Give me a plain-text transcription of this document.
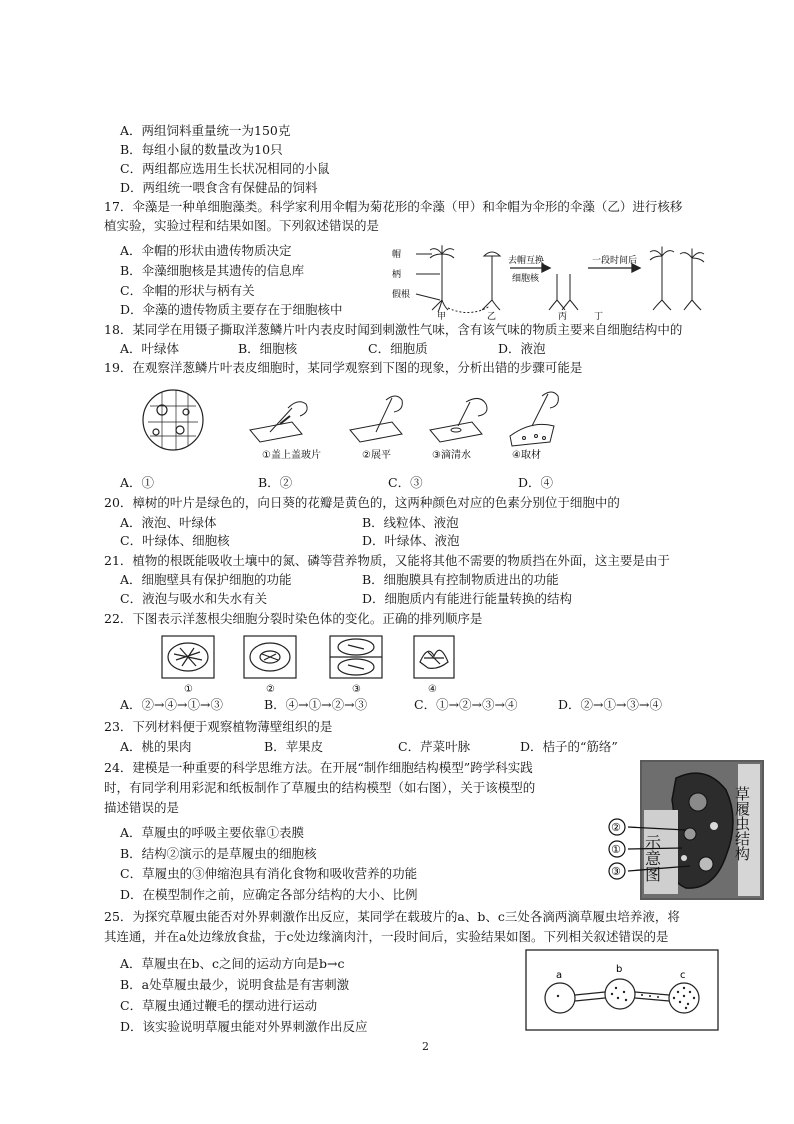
A．两组饲料重量统一为150克
B．每组小鼠的数量改为10只
C．两组都应选用生长状况相同的小鼠
D．两组统一喂食含有保健品的饲料
17．伞藻是一种单细胞藻类。科学家利用伞帽为菊花形的伞藻（甲）和伞帽为伞形的伞藻（乙）进行核移
植实验，实验过程和结果如图。下列叙述错误的是
A．伞帽的形状由遗传物质决定
B．伞藻细胞核是其遗传的信息库
C．伞帽的形状与柄有关
D．伞藻的遗传物质主要存在于细胞核中
帽
柄
假根
去帽互换
细胞核
一段时间后
甲	乙	丙	丁
18．某同学在用镊子撕取洋葱鳞片叶内表皮时闻到刺激性气味，含有该气味的物质主要来自细胞结构中的
A．叶绿体	B．细胞核	C．细胞质	D．液泡
19．在观察洋葱鳞片叶表皮细胞时，某同学观察到下图的现象，分析出错的步骤可能是
①盖上盖玻片	②展平	③滴清水	④取材
A．①	B．②	C．③	D．④
20．樟树的叶片是绿色的，向日葵的花瓣是黄色的，这两种颜色对应的色素分别位于细胞中的
A．液泡、叶绿体	B．线粒体、液泡
C．叶绿体、细胞核	D．叶绿体、液泡
21．植物的根既能吸收土壤中的氮、磷等营养物质，又能将其他不需要的物质挡在外面，这主要是由于
A．细胞壁具有保护细胞的功能	B．细胞膜具有控制物质进出的功能
C．液泡与吸水和失水有关	D．细胞质内有能进行能量转换的结构
22．下图表示洋葱根尖细胞分裂时染色体的变化。正确的排列顺序是
①	②	③	④
A．②→④→①→③	B．④→①→②→③	C．①→②→③→④	D．②→①→③→④
23．下列材料便于观察植物薄壁组织的是
A．桃的果肉	B．苹果皮	C．芹菜叶脉	D．桔子的“筋络”
24．建模是一种重要的科学思维方法。在开展“制作细胞结构模型”跨学科实践
时，有同学利用彩泥和纸板制作了草履虫的结构模型（如右图），关于该模型的
描述错误的是
A．草履虫的呼吸主要依靠①表膜
B．结构②演示的是草履虫的细胞核
C．草履虫的③伸缩泡具有消化食物和吸收营养的功能
D．在模型制作之前，应确定各部分结构的大小、比例
②
①
③
草履虫结构
示意图
25．为探究草履虫能否对外界刺激作出反应，某同学在载玻片的a、b、c三处各滴两滴草履虫培养液，将
其连通，并在a处边缘放食盐，于c处边缘滴肉汁，一段时间后，实验结果如图。下列相关叙述错误的是
A．草履虫在b、c之间的运动方向是b→c
B．a处草履虫最少，说明食盐是有害刺激
C．草履虫通过鞭毛的摆动进行运动
D．该实验说明草履虫能对外界刺激作出反应
a
b
c
2
